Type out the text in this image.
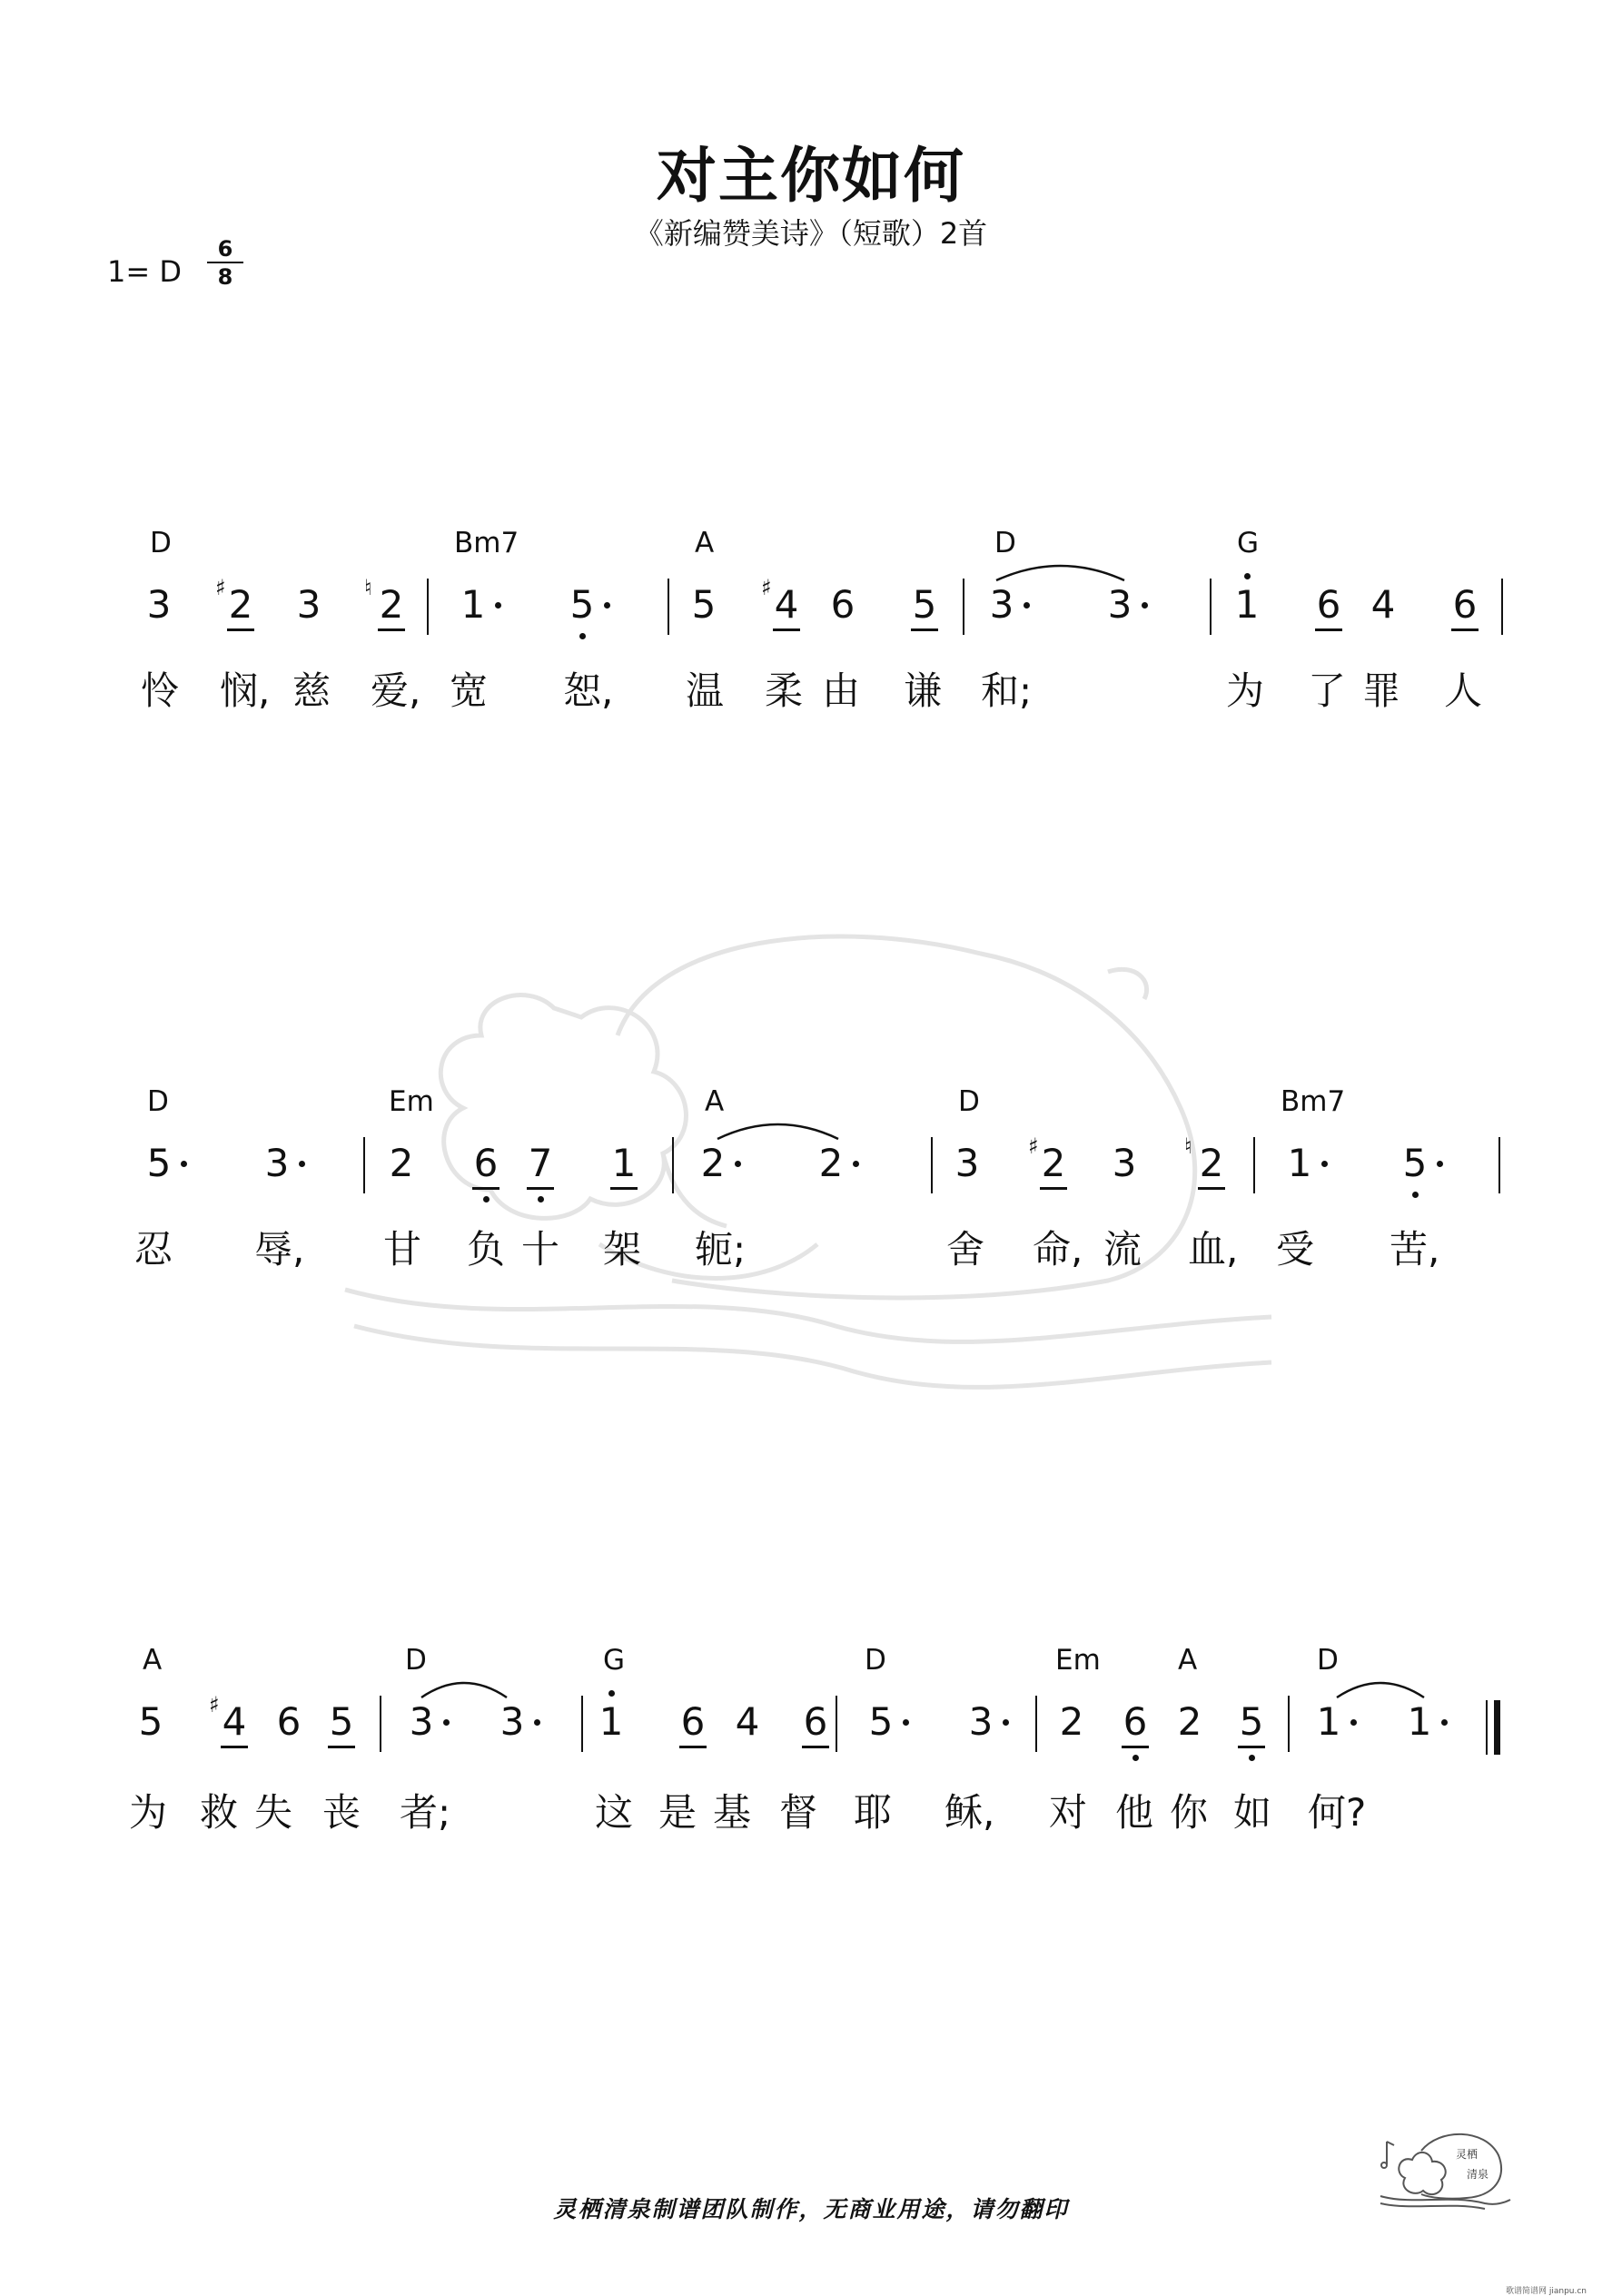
对主你如何
《新编赞美诗》（短歌）2首
1= D $\frac{6}{8}$
D	Bm7	A	D	G
D	Em	A	D	Bm7
A	D	G	D	Em	A	D
3 2
♯ 3 2
♮ 1 5	5 4
♯ 6 5 3 3	1 6 4 6
5 3	2 6 7 1 2 2	3 2
♯ 3 2
♮	1 5
5 4
♯ 6 5 3 3 1 6 4 6 5 3 2 6 2 5 1 1
怜 悯, 慈 爱, 宽 恕, 温 柔 由 谦 和;	为 了 罪 人
忍 辱, 甘 负 十 架 轭;	舍 命, 流 血, 受 苦,
为 救 失 丧 者;	这 是 基 督 耶 稣, 对 他 你 如 何?
灵栖清泉制谱团队制作，无商业用途，请勿翻印
灵栖
清泉
歌谱简谱网 jianpu.cn
